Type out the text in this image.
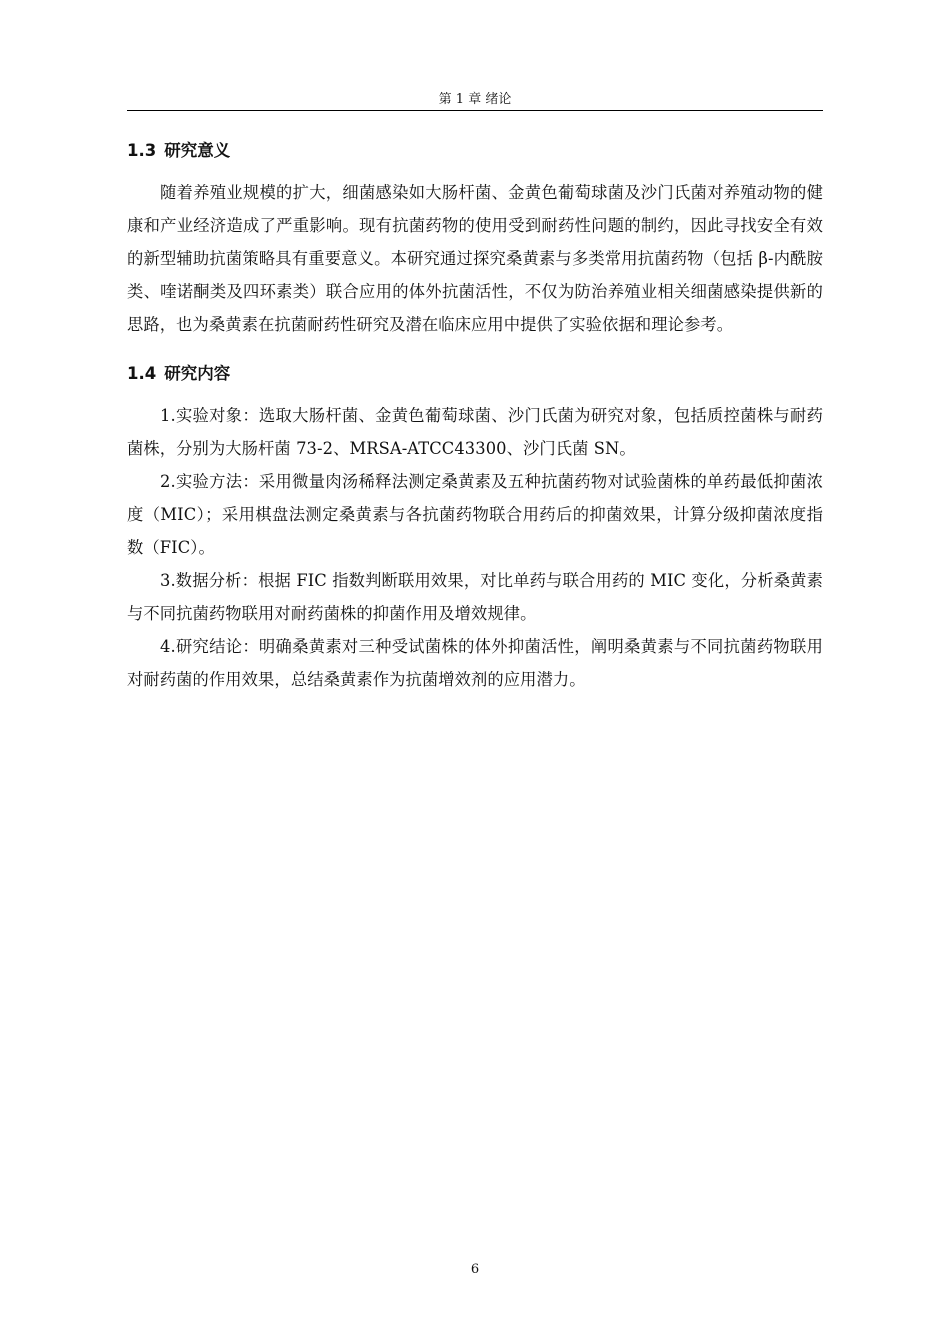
第 1 章 绪论
1.3 研究意义

随着养殖业规模的扩大，细菌感染如大肠杆菌、金黄色葡萄球菌及沙门氏菌对养殖动物的健康和产业经济造成了严重影响。现有抗菌药物的使用受到耐药性问题的制约，因此寻找安全有效的新型辅助抗菌策略具有重要意义。本研究通过探究桑黄素与多类常用抗菌药物（包括 β-内酰胺类、喹诺酮类及四环素类）联合应用的体外抗菌活性，不仅为防治养殖业相关细菌感染提供新的思路，也为桑黄素在抗菌耐药性研究及潜在临床应用中提供了实验依据和理论参考。

1.4 研究内容

1.实验对象：选取大肠杆菌、金黄色葡萄球菌、沙门氏菌为研究对象，包括质控菌株与耐药菌株，分别为大肠杆菌 73-2、MRSA-ATCC43300、沙门氏菌 SN。

2.实验方法：采用微量肉汤稀释法测定桑黄素及五种抗菌药物对试验菌株的单药最低抑菌浓度（MIC）；采用棋盘法测定桑黄素与各抗菌药物联合用药后的抑菌效果，计算分级抑菌浓度指数（FIC）。

3.数据分析：根据 FIC 指数判断联用效果，对比单药与联合用药的 MIC 变化，分析桑黄素与不同抗菌药物联用对耐药菌株的抑菌作用及增效规律。

4.研究结论：明确桑黄素对三种受试菌株的体外抑菌活性，阐明桑黄素与不同抗菌药物联用对耐药菌的作用效果，总结桑黄素作为抗菌增效剂的应用潜力。

6
